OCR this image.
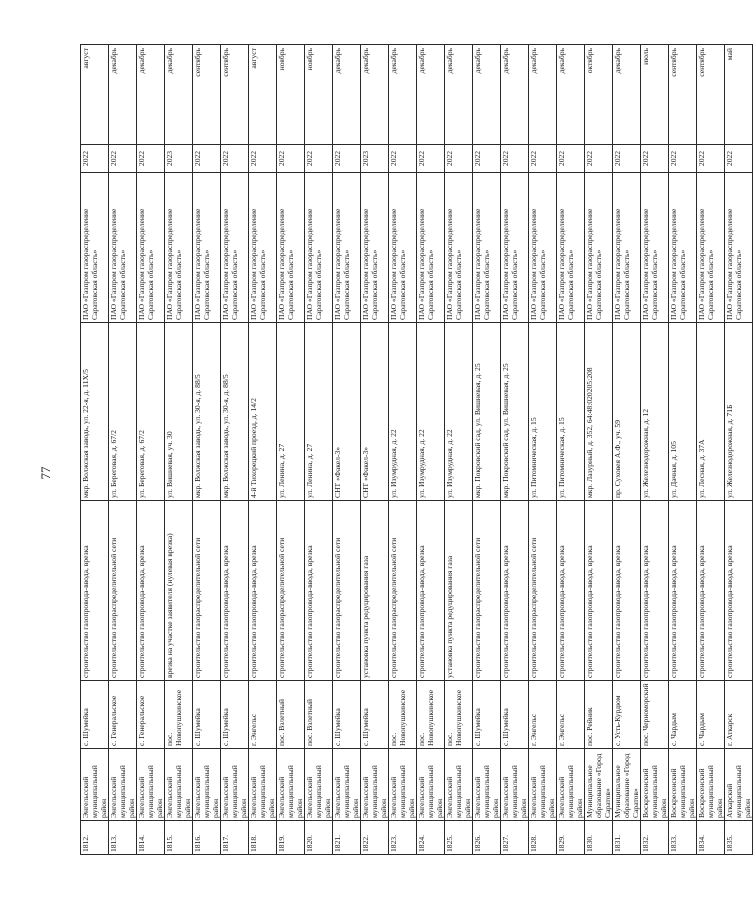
77
1812.	Энгельсский муниципальный район	с. Шумейка	строительство газопровода-ввода, врезка	мкр. Волжская заводь, ул. 22-я, д. 11Х/5	ПАО «Газпром газораспределение Саратовская область»	2022	август
1813.	Энгельсский муниципальный район	с. Генеральское	строительство газораспределительной сети	ул. Береговая, д. 67/2	ПАО «Газпром газораспределение Саратовская область»	2022	декабрь
1814.	Энгельсский муниципальный район	с. Генеральское	строительство газопровода-ввода, врезка	ул. Береговая, д. 67/2	ПАО «Газпром газораспределение Саратовская область»	2022	декабрь
1815.	Энгельсский муниципальный район	пос. Новопушкинское	врезка на участке заявителя (нулевая врезка)	ул. Вишневая, уч. 30	ПАО «Газпром газораспределение Саратовская область»	2023	декабрь
1816.	Энгельсский муниципальный район	с. Шумейка	строительство газораспределительной сети	мкр. Волжская заводь, ул. 30-я, д. 88/5	ПАО «Газпром газораспределение Саратовская область»	2022	сентябрь
1817.	Энгельсский муниципальный район	с. Шумейка	строительство газопровода-ввода, врезка	мкр. Волжская заводь, ул. 30-я, д. 88/5	ПАО «Газпром газораспределение Саратовская область»	2022	сентябрь
1818.	Энгельсский муниципальный район	г. Энгельс	строительство газопровода-ввода, врезка	4-й Тихорецкий проезд, д. 14/2	ПАО «Газпром газораспределение Саратовская область»	2022	август
1819.	Энгельсский муниципальный район	пос. Взлетный	строительство газораспределительной сети	ул. Ленина, д. 27	ПАО «Газпром газораспределение Саратовская область»	2022	ноябрь
1820.	Энгельсский муниципальный район	пос. Взлетный	строительство газопровода-ввода, врезка	ул. Ленина, д. 27	ПАО «Газпром газораспределение Саратовская область»	2022	ноябрь
1821.	Энгельсский муниципальный район	с. Шумейка	строительство газораспределительной сети	СНТ «Факел-3»	ПАО «Газпром газораспределение Саратовская область»	2022	декабрь
1822.	Энгельсский муниципальный район	с. Шумейка	установка пункта редуцирования газа	СНТ «Факел-3»	ПАО «Газпром газораспределение Саратовская область»	2023	декабрь
1823.	Энгельсский муниципальный район	пос. Новопушкинское	строительство газораспределительной сети	ул. Изумрудная, д. 22	ПАО «Газпром газораспределение Саратовская область»	2022	декабрь
1824.	Энгельсский муниципальный район	пос. Новопушкинское	строительство газопровода-ввода, врезка	ул. Изумрудная, д. 22	ПАО «Газпром газораспределение Саратовская область»	2022	декабрь
1825.	Энгельсский муниципальный район	пос. Новопушкинское	установка пункта редуцирования газа	ул. Изумрудная, д. 22	ПАО «Газпром газораспределение Саратовская область»	2022	декабрь
1826.	Энгельсский муниципальный район	с. Шумейка	строительство газораспределительной сети	мкр. Покровский сад, ул. Вишневая, д. 25	ПАО «Газпром газораспределение Саратовская область»	2022	декабрь
1827.	Энгельсский муниципальный район	с. Шумейка	строительство газопровода-ввода, врезка	мкр. Покровский сад, ул. Вишневая, д. 25	ПАО «Газпром газораспределение Саратовская область»	2022	декабрь
1828.	Энгельсский муниципальный район	г. Энгельс	строительство газораспределительной сети	ул. Питомническая, д. 15	ПАО «Газпром газораспределение Саратовская область»	2022	декабрь
1829.	Энгельсский муниципальный район	г. Энгельс	строительство газопровода-ввода, врезка	ул. Питомническая, д. 15	ПАО «Газпром газораспределение Саратовская область»	2022	декабрь
1830.	Муниципальное образование «Город Саратов»	пос. Рейник	строительство газопровода-ввода, врезка	мкр. Лазурный, д. 352, 64:48:020205:208	ПАО «Газпром газораспределение Саратовская область»	2022	октябрь
1831.	Муниципальное образование «Город Саратов»	с. Усть-Курдюм	строительство газопровода-ввода, врезка	пр. Суховея А.Ф., уч. 59	ПАО «Газпром газораспределение Саратовская область»	2022	декабрь
1832.	Воскресенский муниципальный район	пос. Черноморский	строительство газопровода-ввода, врезка	ул. Железнодорожная, д. 12	ПАО «Газпром газораспределение Саратовская область»	2022	июль
1833.	Воскресенский муниципальный район	с. Чардым	строительство газопровода-ввода, врезка	ул. Дачная, д. 105	ПАО «Газпром газораспределение Саратовская область»	2022	сентябрь
1834.	Воскресенский муниципальный район	с. Чардым	строительство газопровода-ввода, врезка	ул. Лесная, д. 37А	ПАО «Газпром газораспределение Саратовская область»	2022	сентябрь
1835.	Аткарский муниципальный район	г. Аткарск	строительство газопровода-ввода, врезка	ул. Железнодорожная, д. 71Б	ПАО «Газпром газораспределение Саратовская область»	2022	май
